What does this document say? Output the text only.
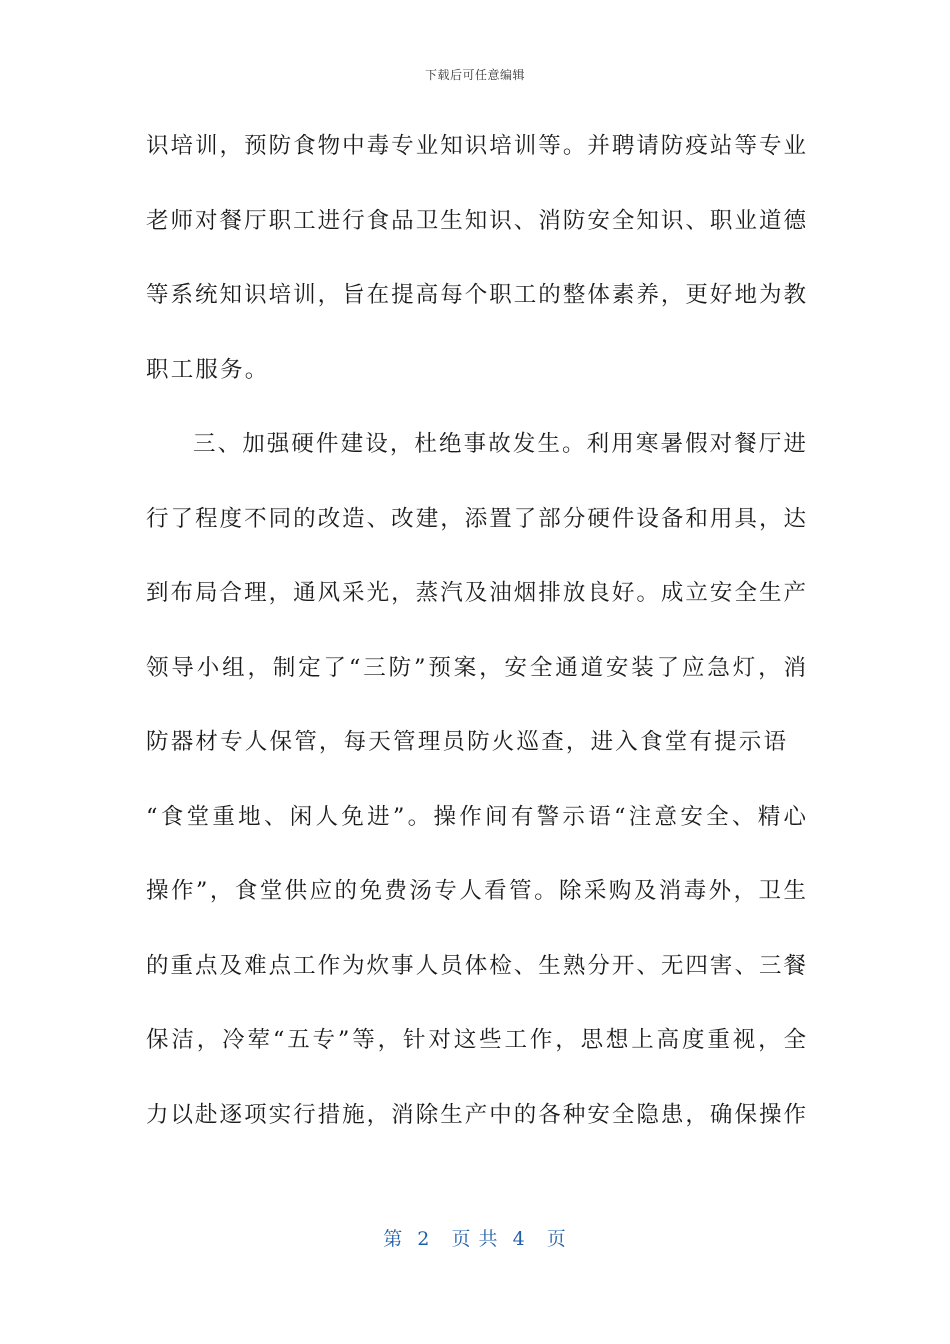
下载后可任意编辑
识培训，预防食物中毒专业知识培训等。并聘请防疫站等专业
老师对餐厅职工进行食品卫生知识、消防安全知识、职业道德
等系统知识培训，旨在提高每个职工的整体素养，更好地为教
职工服务。
三、加强硬件建设，杜绝事故发生。利用寒暑假对餐厅进
行了程度不同的改造、改建，添置了部分硬件设备和用具，达
到布局合理，通风采光，蒸汽及油烟排放良好。成立安全生产
领导小组，制定了“三防”预案，安全通道安装了应急灯，消
防器材专人保管，每天管理员防火巡查，进入食堂有提示语
“食堂重地、闲人免进”。操作间有警示语“注意安全、精心
操作”，食堂供应的免费汤专人看管。除采购及消毒外，卫生
的重点及难点工作为炊事人员体检、生熟分开、无四害、三餐
保洁，冷荤“五专”等，针对这些工作，思想上高度重视，全
力以赴逐项实行措施，消除生产中的各种安全隐患，确保操作
第  2   页 共  4   页
